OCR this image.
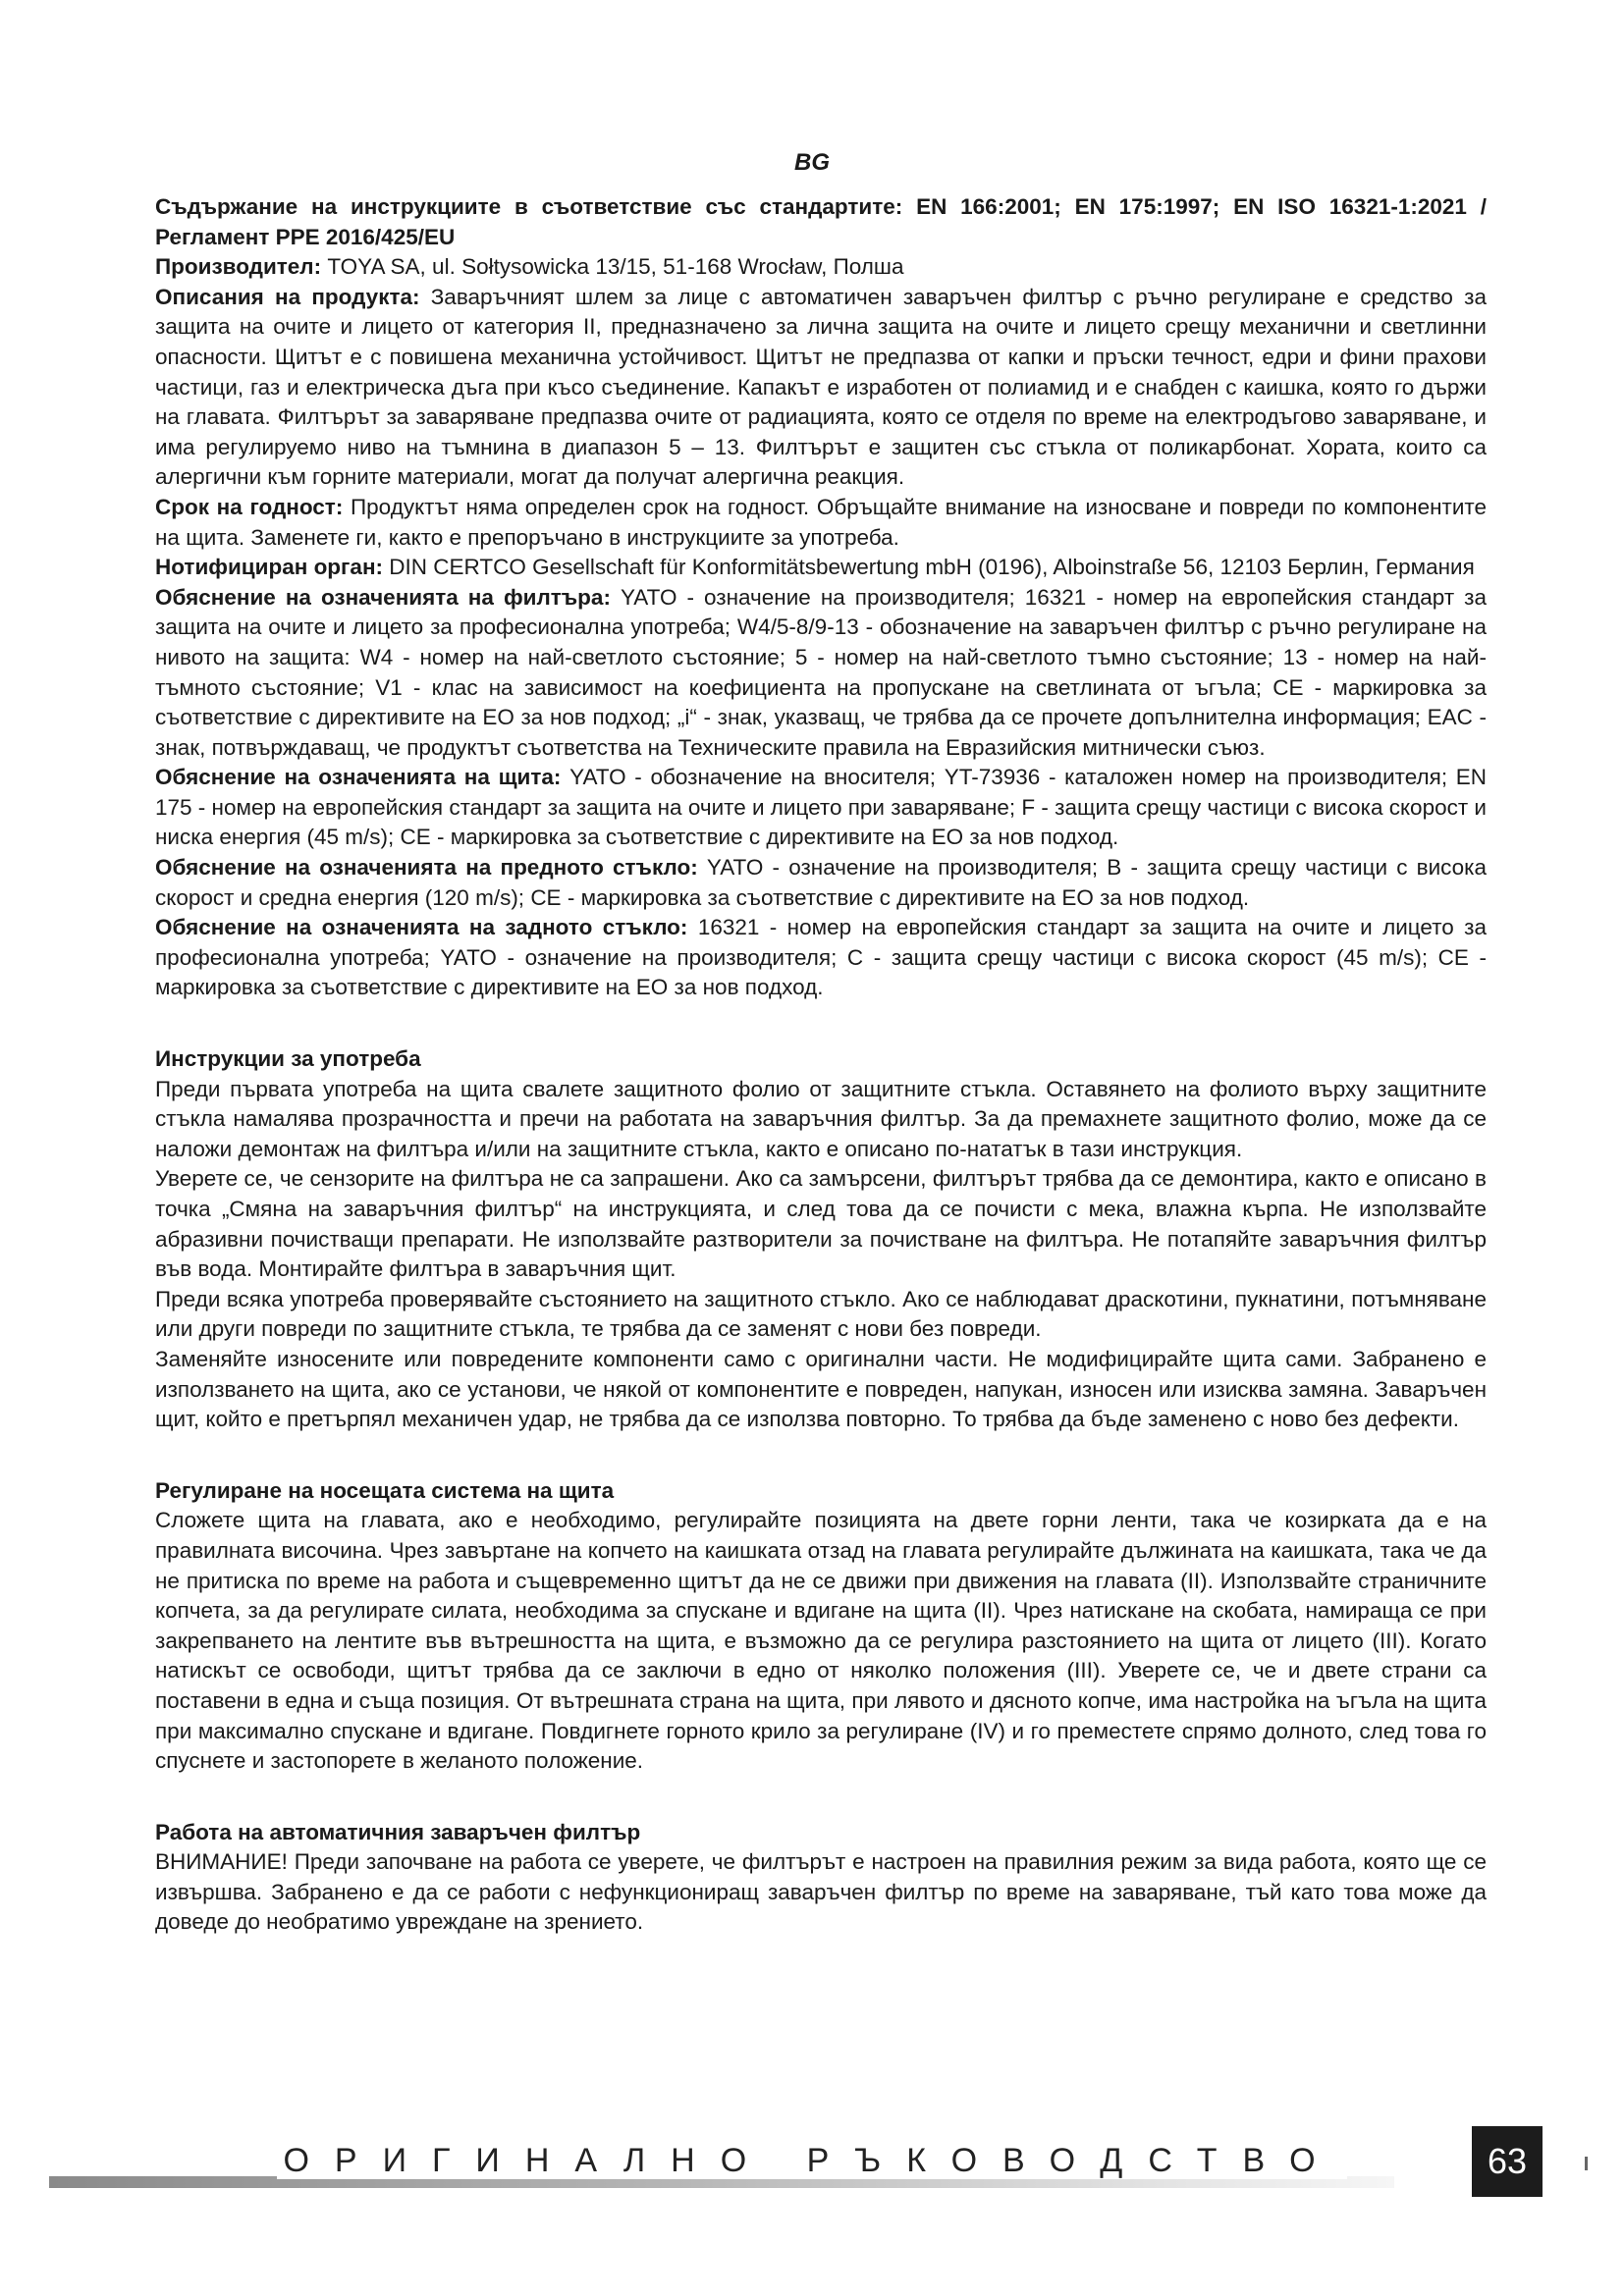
BG

Съдържание на инструкциите в съответствие със стандартите: EN 166:2001; EN 175:1997; EN ISO 16321-1:2021 / Регламент PPE 2016/425/EU

Производител: TOYA SA, ul. Sołtysowicka 13/15, 51-168 Wrocław, Полша

Описания на продукта: Заваръчният шлем за лице с автоматичен заваръчен филтър с ръчно регулиране е средство за защита на очите и лицето от категория II, предназначено за лична защита на очите и лицето срещу механични и светлинни опасности. Щитът е с повишена механична устойчивост. Щитът не предпазва от капки и пръски течност, едри и фини прахови частици, газ и електрическа дъга при късо съединение. Капакът е изработен от полиамид и е снабден с каишка, която го държи на главата. Филтърът за заваряване предпазва очите от радиацията, която се отделя по време на електродъгово заваряване, и има регулируемо ниво на тъмнина в диапазон 5 – 13. Филтърът е защитен със стъкла от поликарбонат. Хората, които са алергични към горните материали, могат да получат алергична реакция.

Срок на годност: Продуктът няма определен срок на годност. Обръщайте внимание на износване и повреди по компонентите на щита. Заменете ги, както е препоръчано в инструкциите за употреба.

Нотифициран орган: DIN CERTCO Gesellschaft für Konformitätsbewertung mbH (0196), Alboinstraße 56, 12103 Берлин, Германия

Обяснение на означенията на филтъра: YATO - означение на производителя; 16321 - номер на европейския стандарт за защита на очите и лицето за професионална употреба; W4/5-8/9-13 - обозначение на заваръчен филтър с ръчно регулиране на нивото на защита: W4 - номер на най-светлото състояние; 5 - номер на най-светлото тъмно състояние; 13 - номер на най-тъмното състояние; V1 - клас на зависимост на коефициента на пропускане на светлината от ъгъла; CE - маркировка за съответствие с директивите на ЕО за нов подход; „i“ - знак, указващ, че трябва да се прочете допълнителна информация; EAC - знак, потвърждаващ, че продуктът съответства на Техническите правила на Евразийския митнически съюз.

Обяснение на означенията на щита: YATO - обозначение на вносителя; YT-73936 - каталожен номер на производителя; EN 175 - номер на европейския стандарт за защита на очите и лицето при заваряване; F - защита срещу частици с висока скорост и ниска енергия (45 m/s); CE - маркировка за съответствие с директивите на ЕО за нов подход.

Обяснение на означенията на предното стъкло: YATO - означение на производителя; B - защита срещу частици с висока скорост и средна енергия (120 m/s); CE - маркировка за съответствие с директивите на ЕО за нов подход.

Обяснение на означенията на задното стъкло: 16321 - номер на европейския стандарт за защита на очите и лицето за професионална употреба; YATO - означение на производителя; C - защита срещу частици с висока скорост (45 m/s); CE - маркировка за съответствие с директивите на ЕО за нов подход.

Инструкции за употреба

Преди първата употреба на щита свалете защитното фолио от защитните стъкла. Оставянето на фолиото върху защитните стъкла намалява прозрачността и пречи на работата на заваръчния филтър. За да премахнете защитното фолио, може да се наложи демонтаж на филтъра и/или на защитните стъкла, както е описано по-нататък в тази инструкция.

Уверете се, че сензорите на филтъра не са запрашени. Ако са замърсени, филтърът трябва да се демонтира, както е описано в точка „Смяна на заваръчния филтър“ на инструкцията, и след това да се почисти с мека, влажна кърпа. Не използвайте абразивни почистващи препарати. Не използвайте разтворители за почистване на филтъра. Не потапяйте заваръчния филтър във вода. Монтирайте филтъра в заваръчния щит.

Преди всяка употреба проверявайте състоянието на защитното стъкло. Ако се наблюдават драскотини, пукнатини, потъмняване или други повреди по защитните стъкла, те трябва да се заменят с нови без повреди.

Заменяйте износените или повредените компоненти само с оригинални части. Не модифицирайте щита сами. Забранено е използването на щита, ако се установи, че някой от компонентите е повреден, напукан, износен или изисква замяна. Заваръчен щит, който е претърпял механичен удар, не трябва да се използва повторно. То трябва да бъде заменено с ново без дефекти.

Регулиране на носещата система на щита

Сложете щита на главата, ако е необходимо, регулирайте позицията на двете горни ленти, така че козирката да е на правилната височина. Чрез завъртане на копчето на каишката отзад на главата регулирайте дължината на каишката, така че да не притиска по време на работа и същевременно щитът да не се движи при движения на главата (II). Използвайте страничните копчета, за да регулирате силата, необходима за спускане и вдигане на щита (II). Чрез натискане на скобата, намираща се при закрепването на лентите във вътрешността на щита, е възможно да се регулира разстоянието на щита от лицето (III). Когато натискът се освободи, щитът трябва да се заключи в едно от няколко положения (III). Уверете се, че и двете страни са поставени в една и съща позиция. От вътрешната страна на щита, при лявото и дясното копче, има настройка на ъгъла на щита при максимално спускане и вдигане. Повдигнете горното крило за регулиране (IV) и го преместете спрямо долното, след това го спуснете и застопорете в желаното положение.

Работа на автоматичния заваръчен филтър

ВНИМАНИЕ! Преди започване на работа се уверете, че филтърът е настроен на правилния режим за вида работа, която ще се извършва. Забранено е да се работи с нефункциониращ заваръчен филтър по време на заваряване, тъй като това може да доведе до необратимо увреждане на зрението.

ОРИГИНАЛНО РЪКОВОДСТВО	63
